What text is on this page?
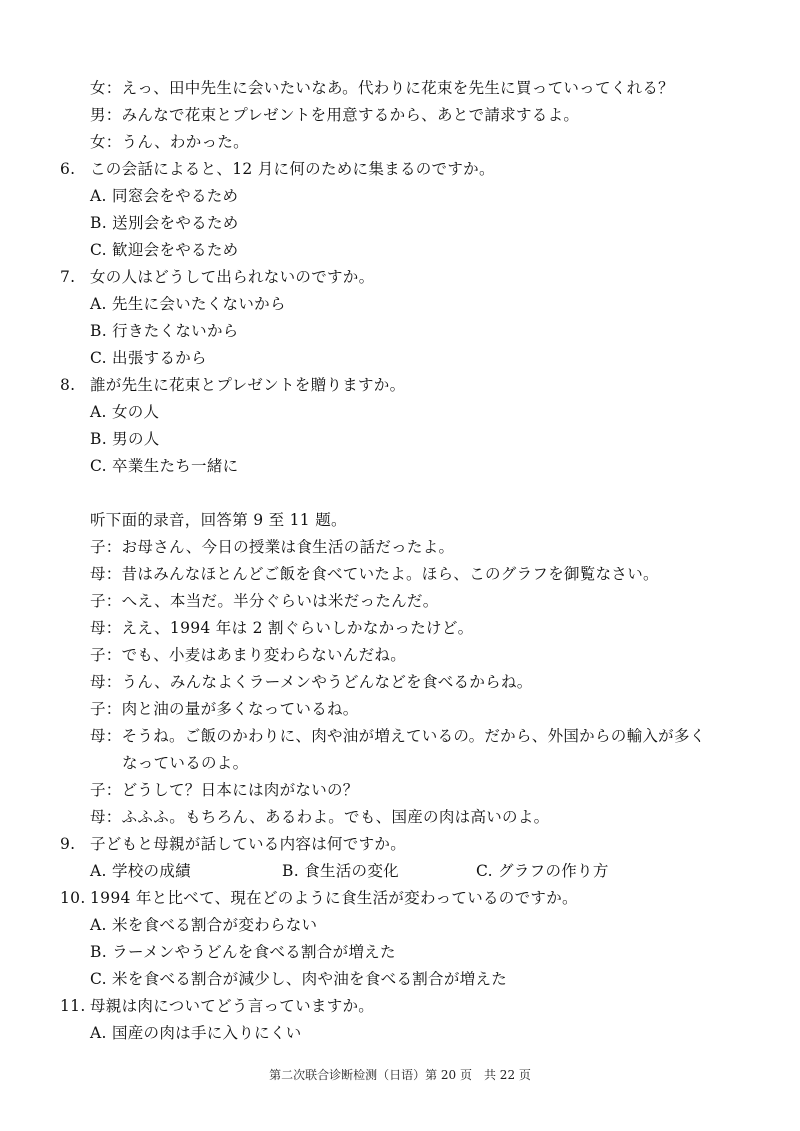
女：えっ、田中先生に会いたいなあ。代わりに花束を先生に買っていってくれる？
男：みんなで花束とプレゼントを用意するから、あとで請求するよ。
女：うん、わかった。
6. この会話によると、12 月に何のために集まるのですか。
A. 同窓会をやるため
B. 送別会をやるため
C. 歓迎会をやるため
7. 女の人はどうして出られないのですか。
A. 先生に会いたくないから
B. 行きたくないから
C. 出張するから
8. 誰が先生に花束とプレゼントを贈りますか。
A. 女の人
B. 男の人
C. 卒業生たち一緒に
听下面的录音，回答第 9 至 11 题。
子：お母さん、今日の授業は食生活の話だったよ。
母：昔はみんなほとんどご飯を食べていたよ。ほら、このグラフを御覧なさい。
子：へえ、本当だ。半分ぐらいは米だったんだ。
母：ええ、1994 年は 2 割ぐらいしかなかったけど。
子：でも、小麦はあまり変わらないんだね。
母：うん、みんなよくラーメンやうどんなどを食べるからね。
子：肉と油の量が多くなっているね。
母：そうね。ご飯のかわりに、肉や油が増えているの。だから、外国からの輸入が多く
なっているのよ。
子：どうして？日本には肉がないの？
母：ふふふ。もちろん、あるわよ。でも、国産の肉は高いのよ。
9. 子どもと母親が話している内容は何ですか。
A. 学校の成績	B. 食生活の変化	C. グラフの作り方
10. 1994 年と比べて、現在どのように食生活が変わっているのですか。
A. 米を食べる割合が変わらない
B. ラーメンやうどんを食べる割合が増えた
C. 米を食べる割合が減少し、肉や油を食べる割合が増えた
11. 母親は肉についてどう言っていますか。
A. 国産の肉は手に入りにくい
第二次联合诊断检测（日语）第 20 页　共 22 页
